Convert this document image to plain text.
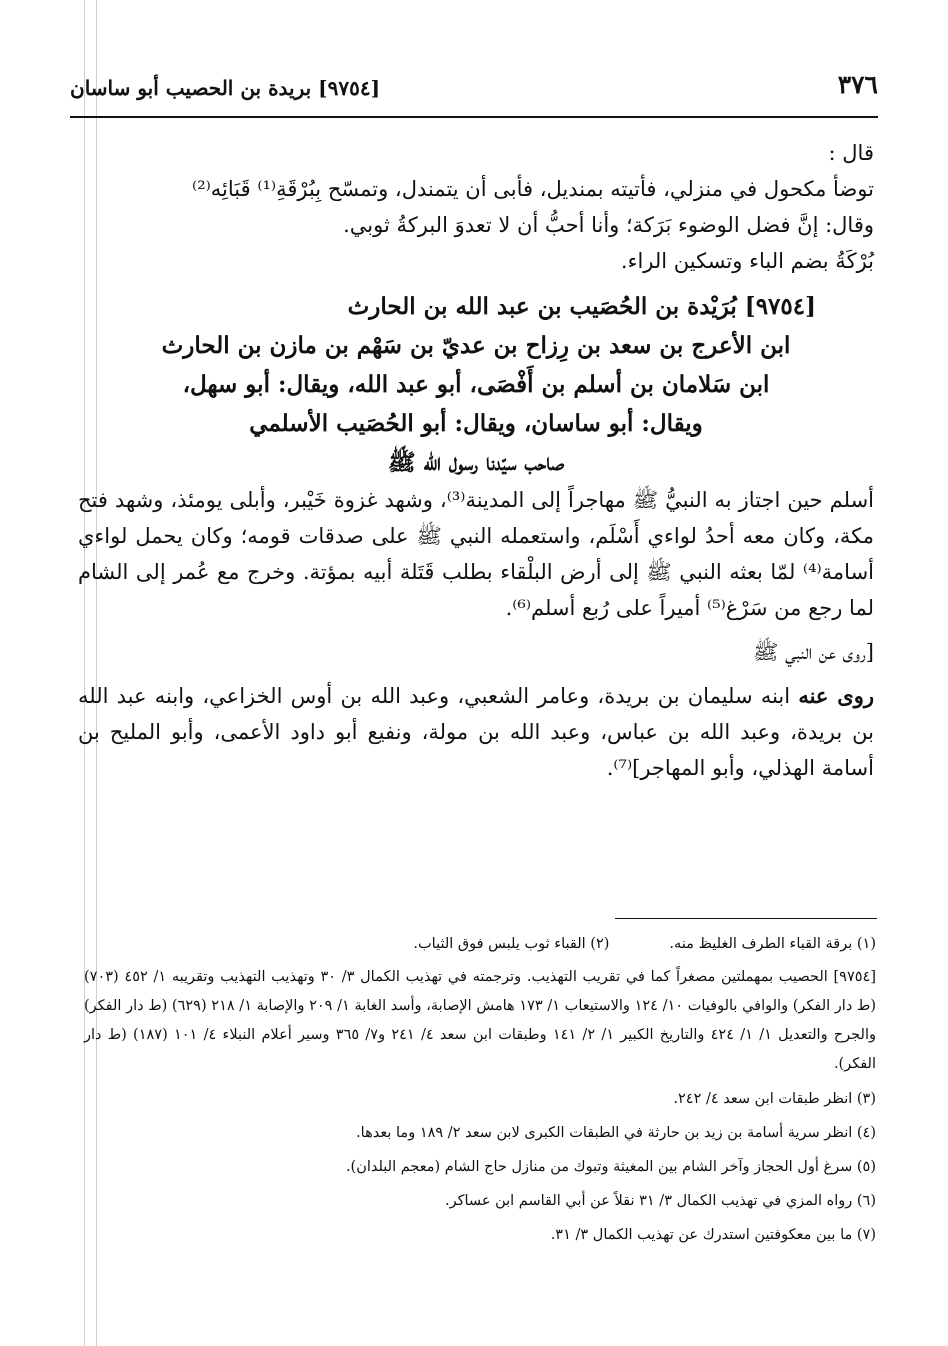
٣٧٦
[٩٧٥٤] بريدة بن الحصيب أبو ساسان

قال :

توضأ مكحول في منزلي، فأتيته بمنديل، فأبى أن يتمندل، وتمسّح بِبُرْقَةِ⁽¹⁾ قَبَائِه⁽²⁾

وقال: إنَّ فضل الوضوء بَرَكة؛ وأنا أحبُّ أن لا تعدوَ البركةُ ثوبي.

بُرْكَةُ بضم الباء وتسكين الراء.

[٩٧٥٤] بُرَيْدة بن الحُصَيب بن عبد الله بن الحارث

ابن الأعرج بن سعد بن رِزاح بن عديّ بن سَهْم بن مازن بن الحارث

ابن سَلامان بن أسلم بن أَفْصَى، أبو عبد الله، ويقال: أبو سهل،

ويقال: أبو ساسان، ويقال: أبو الحُصَيب الأسلمي

صاحب سيّدنا رسول الله ﷺ

أسلم حين اجتاز به النبيُّ ﷺ مهاجراً إلى المدينة⁽³⁾، وشهد غزوة خَيْبر، وأبلى يومئذ، وشهد فتح مكة، وكان معه أحدُ لواءي أَسْلَم، واستعمله النبي ﷺ على صدقات قومه؛ وكان يحمل لواءي أسامة⁽⁴⁾ لمّا بعثه النبي ﷺ إلى أرض البلْقاء بطلب قَتَلة أبيه بمؤتة. وخرج مع عُمر إلى الشام لما رجع من سَرْغ⁽⁵⁾ أميراً على رُبع أسلم⁽⁶⁾.

[روى عن النبي ﷺ

روى عنه ابنه سليمان بن بريدة، وعامر الشعبي، وعبد الله بن أوس الخزاعي، وابنه عبد الله بن بريدة، وعبد الله بن عباس، وعبد الله بن مولة، ونفيع أبو داود الأعمى، وأبو المليح بن أسامة الهذلي، وأبو المهاجر]⁽⁷⁾.

(١) برقة القباء الطرف الغليظ منه.
(٢) القباء ثوب يلبس فوق الثياب.

[٩٧٥٤] الحصيب بمهملتين مصغراً كما في تقريب التهذيب. وترجمته في تهذيب الكمال ٣/ ٣٠ وتهذيب التهذيب وتقريبه ١/ ٤٥٢ (٧٠٣) (ط دار الفكر) والوافي بالوفيات ١٠/ ١٢٤ والاستيعاب ١/ ١٧٣ هامش الإصابة، وأسد الغابة ١/ ٢٠٩ والإصابة ١/ ٢١٨ (٦٢٩) (ط دار الفكر) والجرح والتعديل ١/ ١/ ٤٢٤ والتاريخ الكبير ١/ ٢/ ١٤١ وطبقات ابن سعد ٤/ ٢٤١ و٧/ ٣٦٥ وسير أعلام النبلاء ٤/ ١٠١ (١٨٧) (ط دار الفكر).

(٣) انظر طبقات ابن سعد ٤/ ٢٤٢.

(٤) انظر سرية أسامة بن زيد بن حارثة في الطبقات الكبرى لابن سعد ٢/ ١٨٩ وما بعدها.

(٥) سرغ أول الحجاز وآخر الشام بين المغيثة وتبوك من منازل حاج الشام (معجم البلدان).

(٦) رواه المزي في تهذيب الكمال ٣/ ٣١ نقلاً عن أبي القاسم ابن عساكر.

(٧) ما بين معكوفتين استدرك عن تهذيب الكمال ٣/ ٣١.
